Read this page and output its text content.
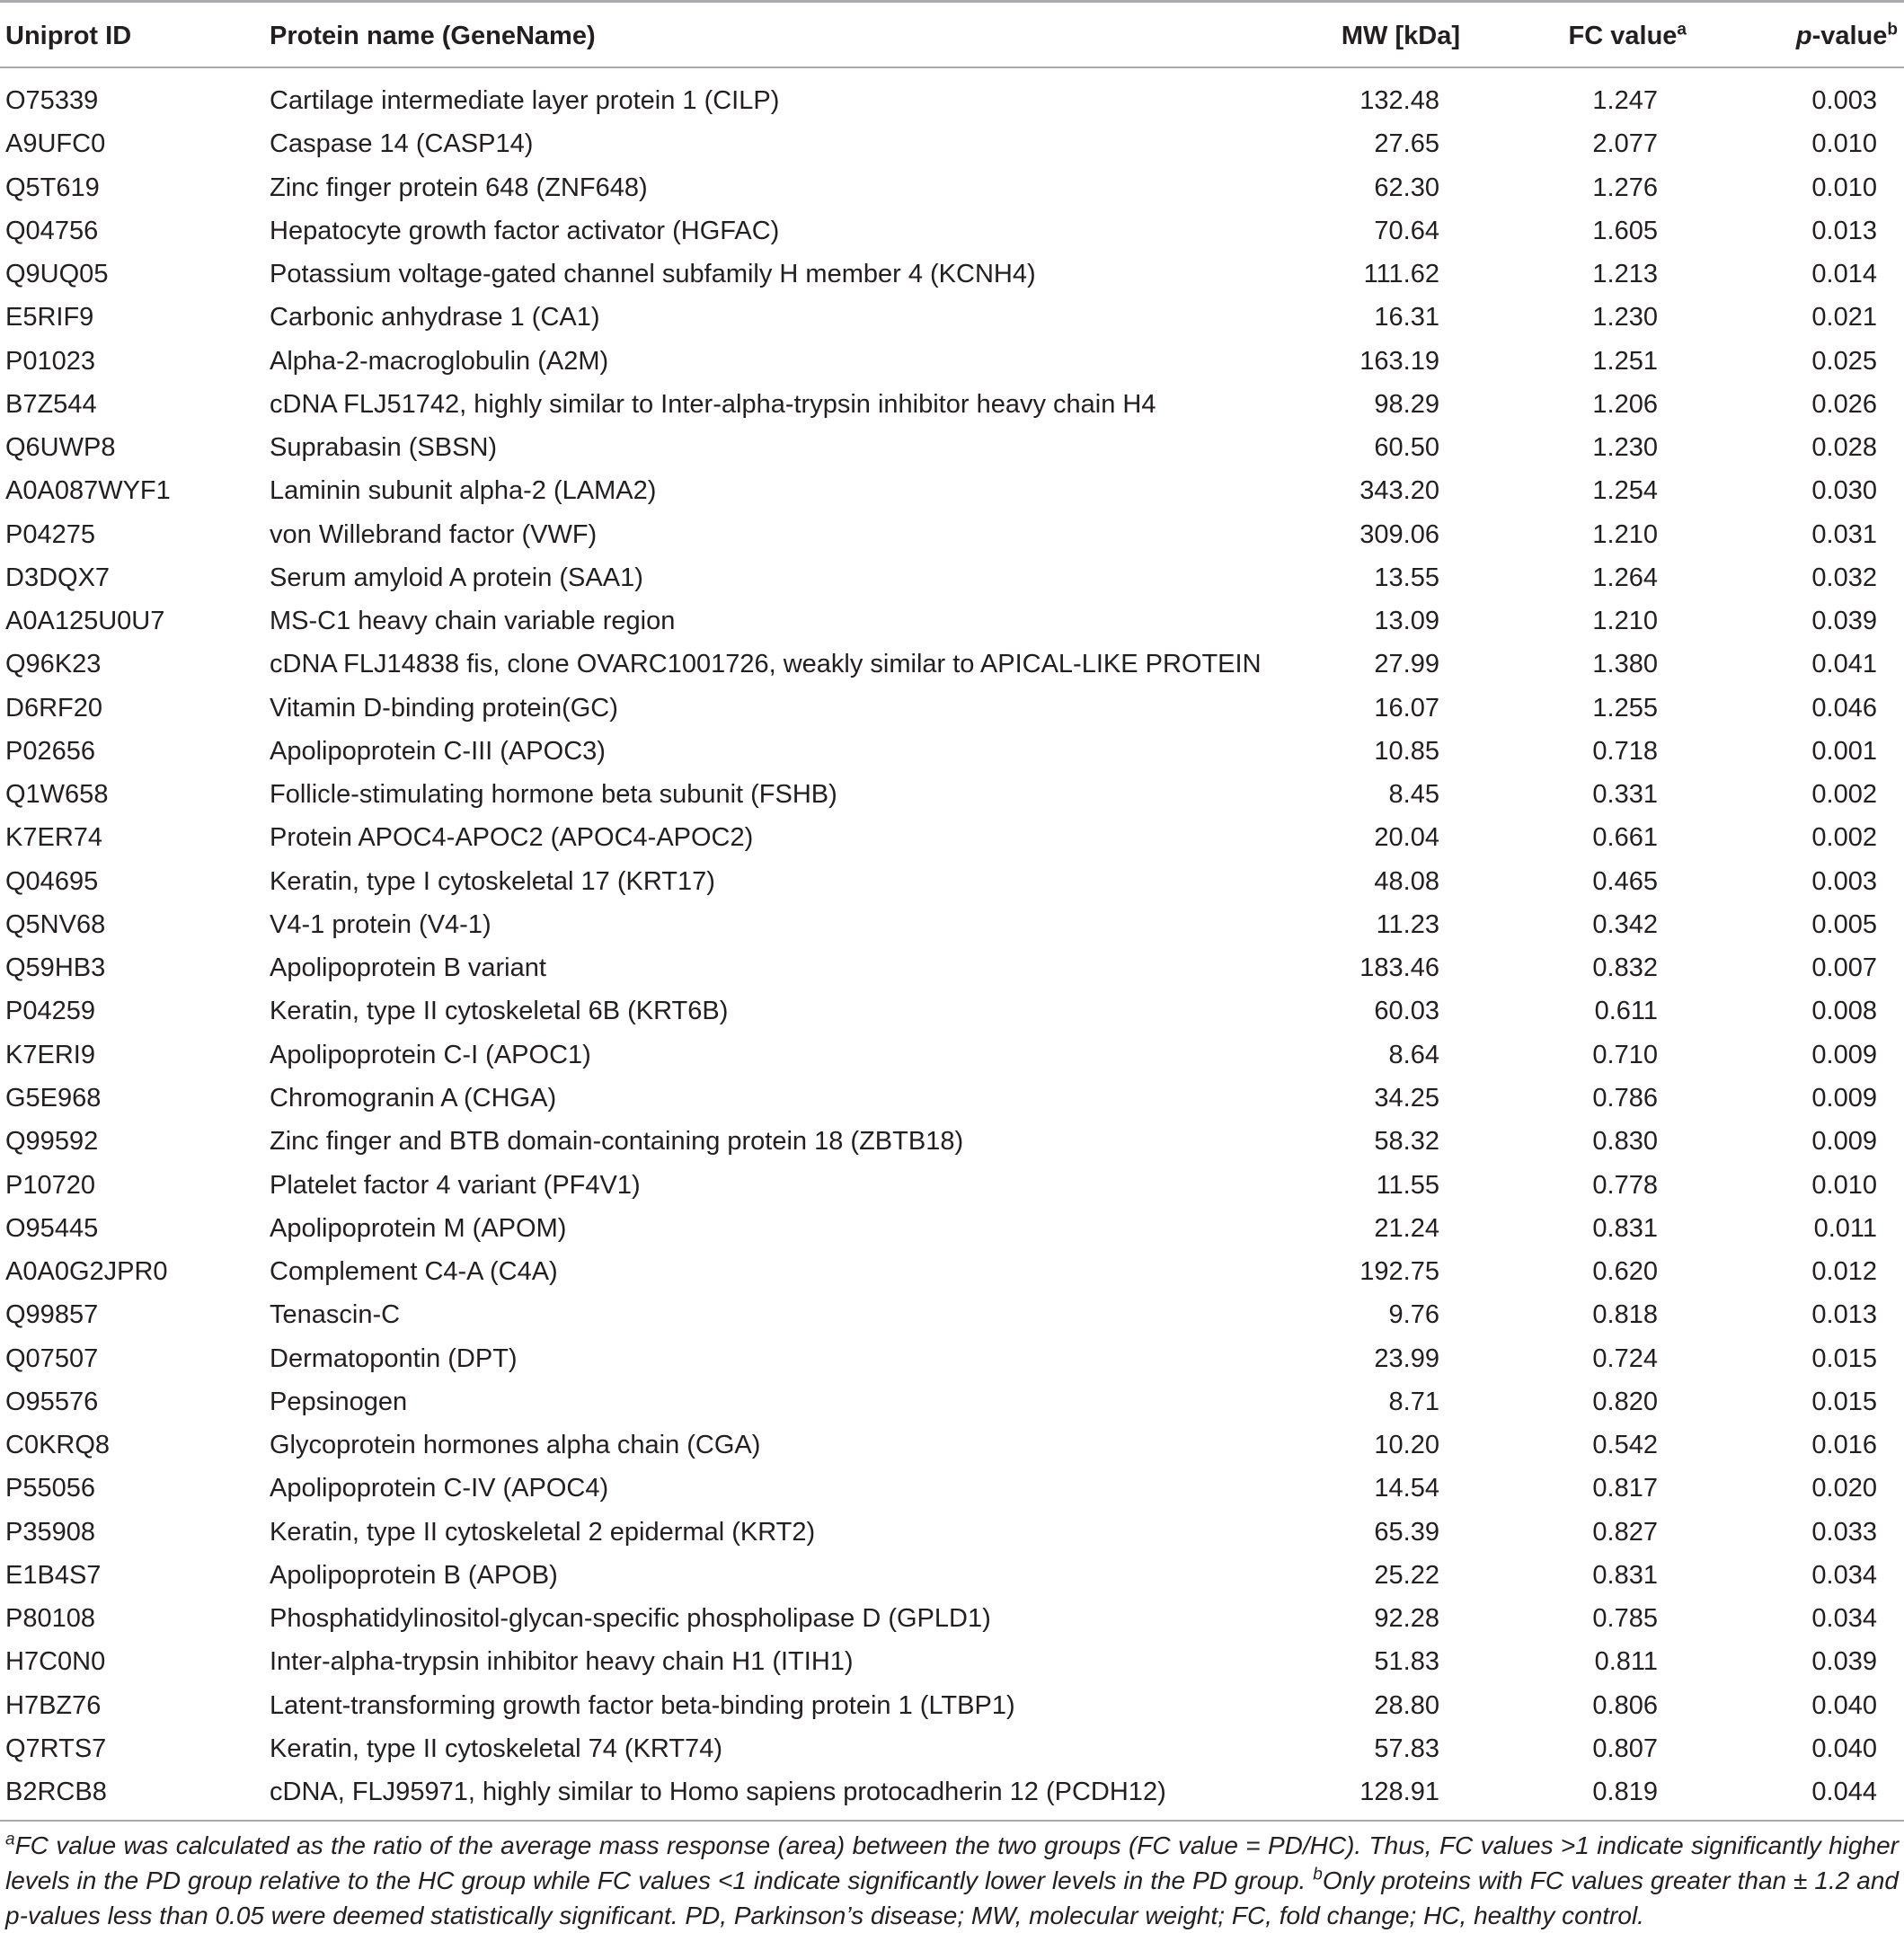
Uniprot ID	Protein name (GeneName)	MW [kDa]	FC value$^a$	p-value$^b$
O75339	Cartilage intermediate layer protein 1 (CILP)	132.48	1.247	0.003
A9UFC0	Caspase 14 (CASP14)	27.65	2.077	0.010
Q5T619	Zinc finger protein 648 (ZNF648)	62.30	1.276	0.010
Q04756	Hepatocyte growth factor activator (HGFAC)	70.64	1.605	0.013
Q9UQ05	Potassium voltage-gated channel subfamily H member 4 (KCNH4)	111.62	1.213	0.014
E5RIF9	Carbonic anhydrase 1 (CA1)	16.31	1.230	0.021
P01023	Alpha-2-macroglobulin (A2M)	163.19	1.251	0.025
B7Z544	cDNA FLJ51742, highly similar to Inter-alpha-trypsin inhibitor heavy chain H4	98.29	1.206	0.026
Q6UWP8	Suprabasin (SBSN)	60.50	1.230	0.028
A0A087WYF1	Laminin subunit alpha-2 (LAMA2)	343.20	1.254	0.030
P04275	von Willebrand factor (VWF)	309.06	1.210	0.031
D3DQX7	Serum amyloid A protein (SAA1)	13.55	1.264	0.032
A0A125U0U7	MS-C1 heavy chain variable region	13.09	1.210	0.039
Q96K23	cDNA FLJ14838 fis, clone OVARC1001726, weakly similar to APICAL-LIKE PROTEIN	27.99	1.380	0.041
D6RF20	Vitamin D-binding protein(GC)	16.07	1.255	0.046
P02656	Apolipoprotein C-III (APOC3)	10.85	0.718	0.001
Q1W658	Follicle-stimulating hormone beta subunit (FSHB)	8.45	0.331	0.002
K7ER74	Protein APOC4-APOC2 (APOC4-APOC2)	20.04	0.661	0.002
Q04695	Keratin, type I cytoskeletal 17 (KRT17)	48.08	0.465	0.003
Q5NV68	V4-1 protein (V4-1)	11.23	0.342	0.005
Q59HB3	Apolipoprotein B variant	183.46	0.832	0.007
P04259	Keratin, type II cytoskeletal 6B (KRT6B)	60.03	0.611	0.008
K7ERI9	Apolipoprotein C-I (APOC1)	8.64	0.710	0.009
G5E968	Chromogranin A (CHGA)	34.25	0.786	0.009
Q99592	Zinc finger and BTB domain-containing protein 18 (ZBTB18)	58.32	0.830	0.009
P10720	Platelet factor 4 variant (PF4V1)	11.55	0.778	0.010
O95445	Apolipoprotein M (APOM)	21.24	0.831	0.011
A0A0G2JPR0	Complement C4-A (C4A)	192.75	0.620	0.012
Q99857	Tenascin-C	9.76	0.818	0.013
Q07507	Dermatopontin (DPT)	23.99	0.724	0.015
O95576	Pepsinogen	8.71	0.820	0.015
C0KRQ8	Glycoprotein hormones alpha chain (CGA)	10.20	0.542	0.016
P55056	Apolipoprotein C-IV (APOC4)	14.54	0.817	0.020
P35908	Keratin, type II cytoskeletal 2 epidermal (KRT2)	65.39	0.827	0.033
E1B4S7	Apolipoprotein B (APOB)	25.22	0.831	0.034
P80108	Phosphatidylinositol-glycan-specific phospholipase D (GPLD1)	92.28	0.785	0.034
H7C0N0	Inter-alpha-trypsin inhibitor heavy chain H1 (ITIH1)	51.83	0.811	0.039
H7BZ76	Latent-transforming growth factor beta-binding protein 1 (LTBP1)	28.80	0.806	0.040
Q7RTS7	Keratin, type II cytoskeletal 74 (KRT74)	57.83	0.807	0.040
B2RCB8	cDNA, FLJ95971, highly similar to Homo sapiens protocadherin 12 (PCDH12)	128.91	0.819	0.044
$^a$FC value was calculated as the ratio of the average mass response (area) between the two groups (FC value = PD/HC). Thus, FC values >1 indicate significantly higher levels in the PD group relative to the HC group while FC values <1 indicate significantly lower levels in the PD group. $^b$Only proteins with FC values greater than ± 1.2 and p-values less than 0.05 were deemed statistically significant. PD, Parkinson’s disease; MW, molecular weight; FC, fold change; HC, healthy control.
